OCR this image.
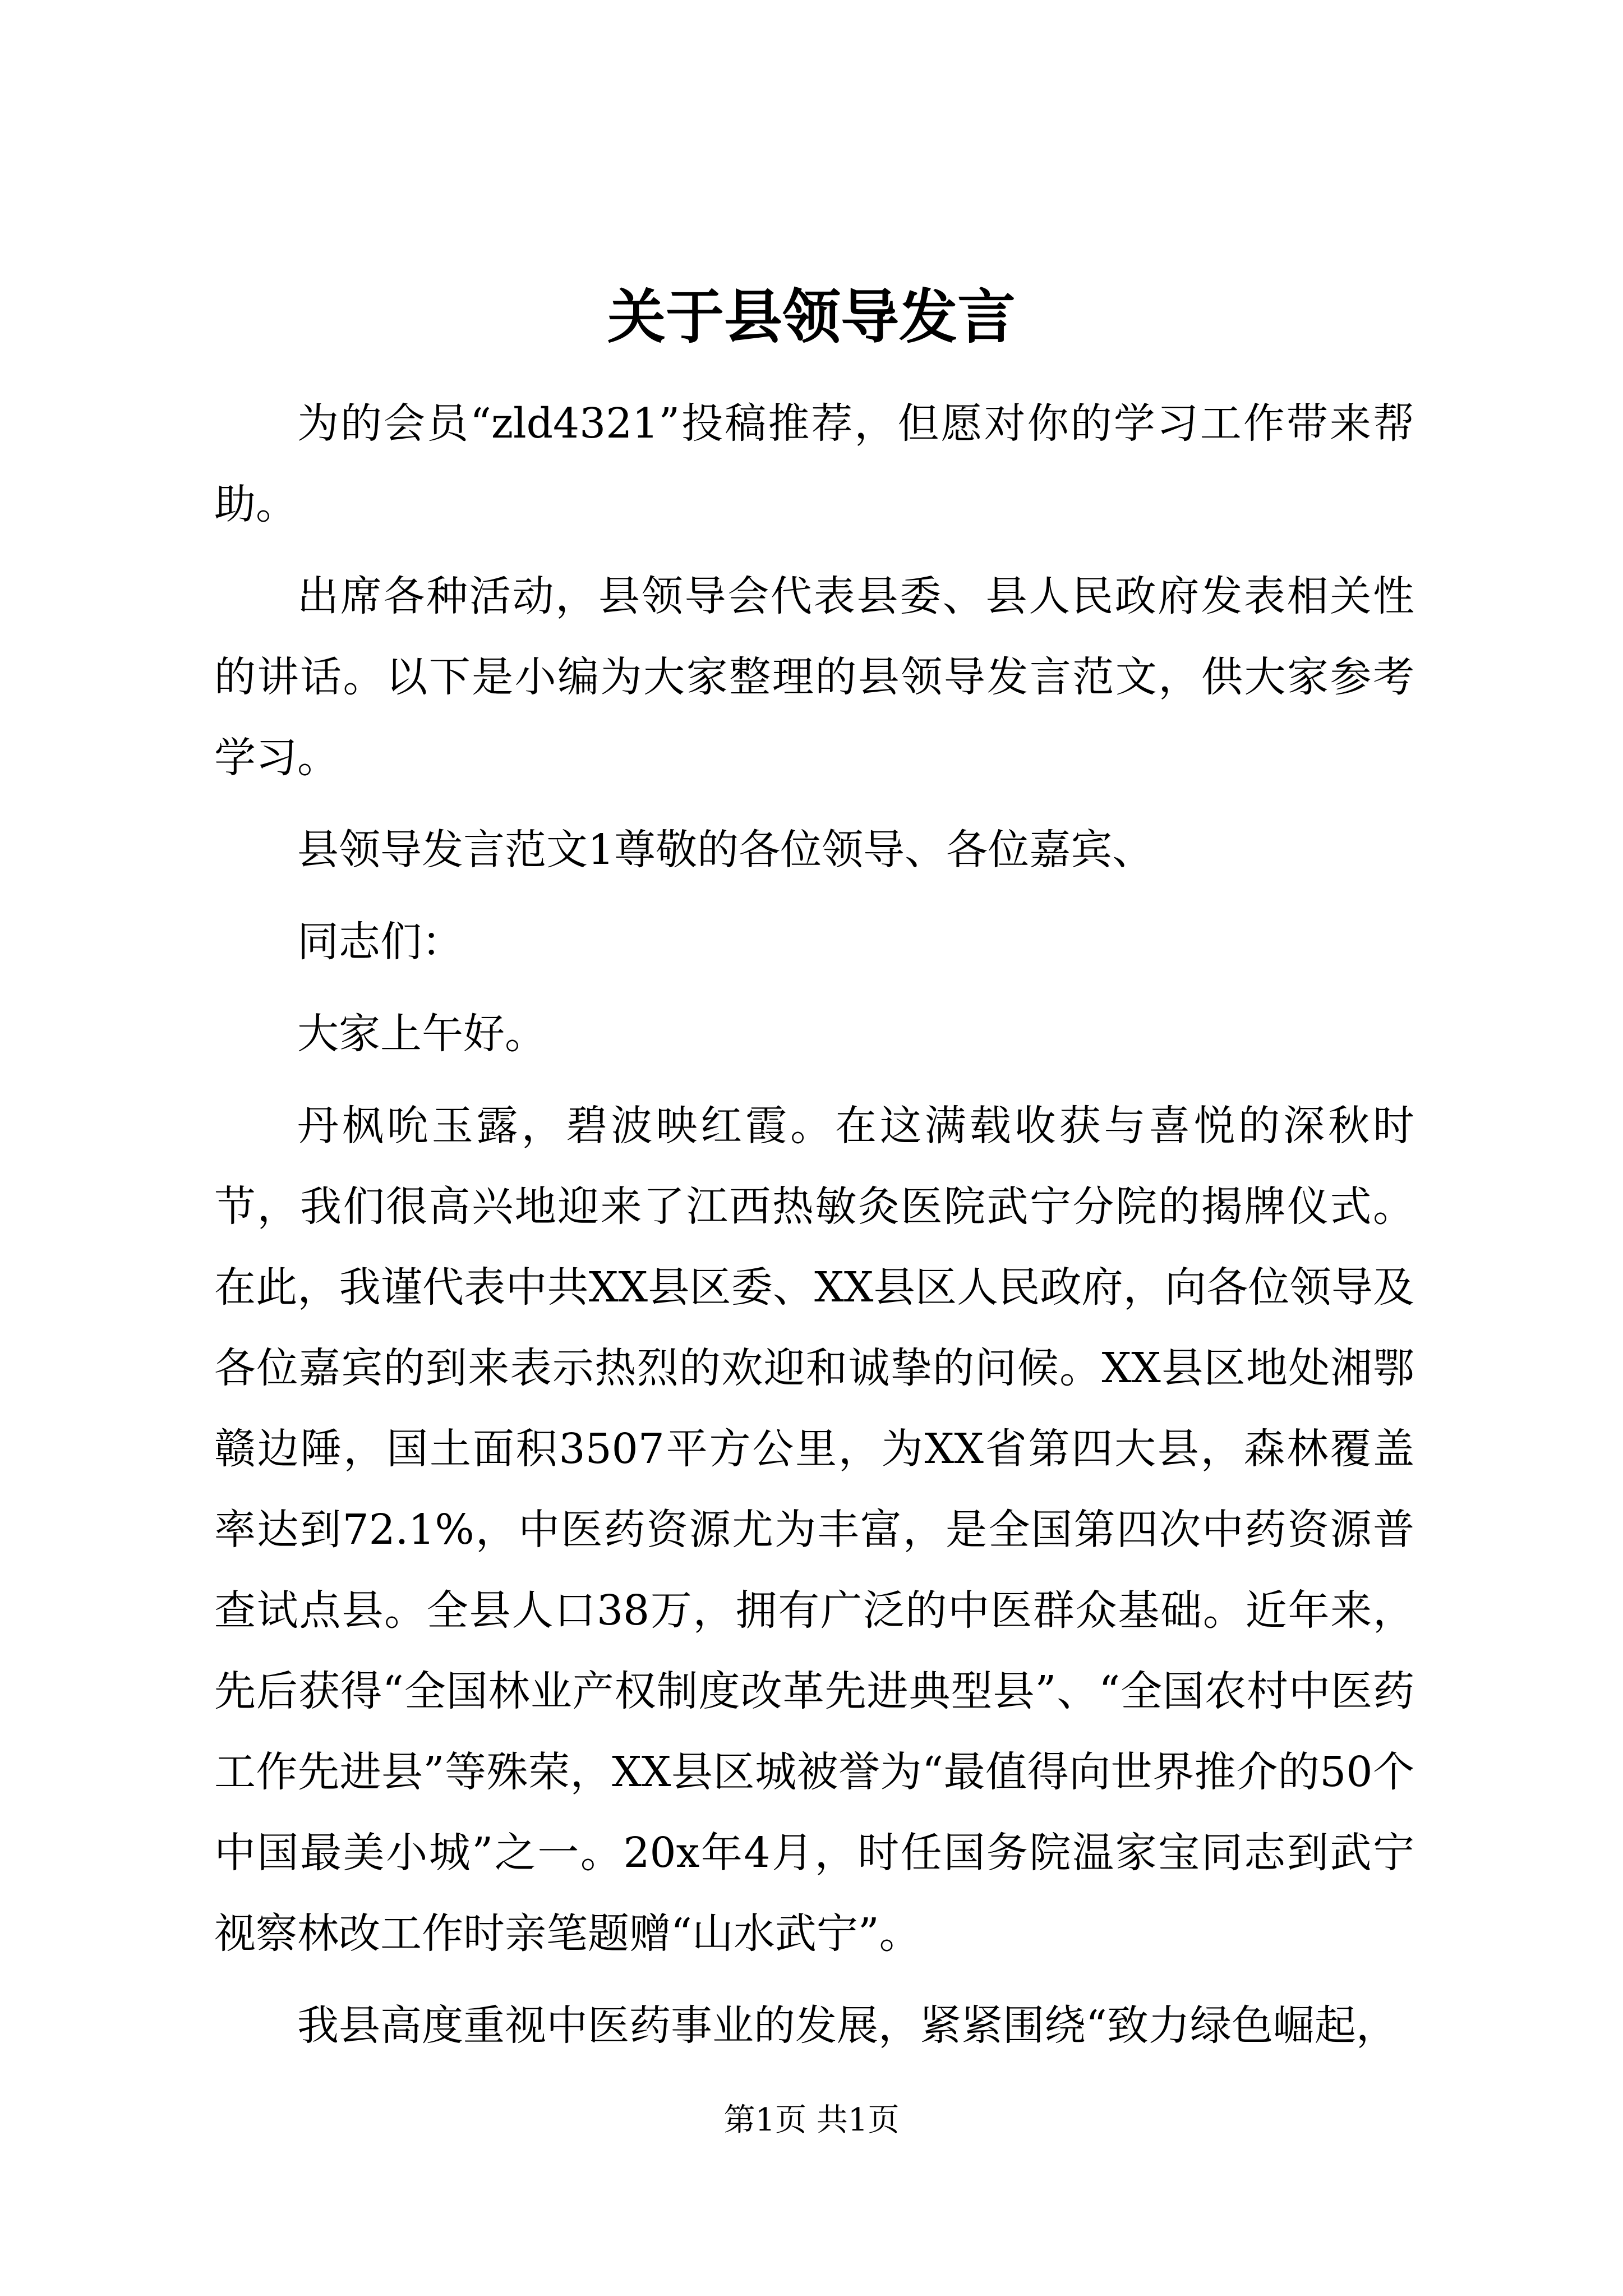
关于县领导发言

为的会员“zld4321”投稿推荐，但愿对你的学习工作带来帮助。

出席各种活动，县领导会代表县委、县人民政府发表相关性的讲话。以下是小编为大家整理的县领导发言范文，供大家参考学习。

县领导发言范文1尊敬的各位领导、各位嘉宾、

同志们：

大家上午好。

丹枫吮玉露，碧波映红霞。在这满载收获与喜悦的深秋时节，我们很高兴地迎来了江西热敏灸医院武宁分院的揭牌仪式。在此，我谨代表中共XX县区委、XX县区人民政府，向各位领导及各位嘉宾的到来表示热烈的欢迎和诚挚的问候。XX县区地处湘鄂赣边陲，国土面积3507平方公里，为XX省第四大县，森林覆盖率达到72.1%，中医药资源尤为丰富，是全国第四次中药资源普查试点县。全县人口38万，拥有广泛的中医群众基础。近年来，先后获得“全国林业产权制度改革先进典型县”、“全国农村中医药工作先进县”等殊荣，XX县区城被誉为“最值得向世界推介的50个中国最美小城”之一。20x年4月，时任国务院温家宝同志到武宁视察林改工作时亲笔题赠“山水武宁”。

我县高度重视中医药事业的发展，紧紧围绕“致力绿色崛起，

第1页 共1页
